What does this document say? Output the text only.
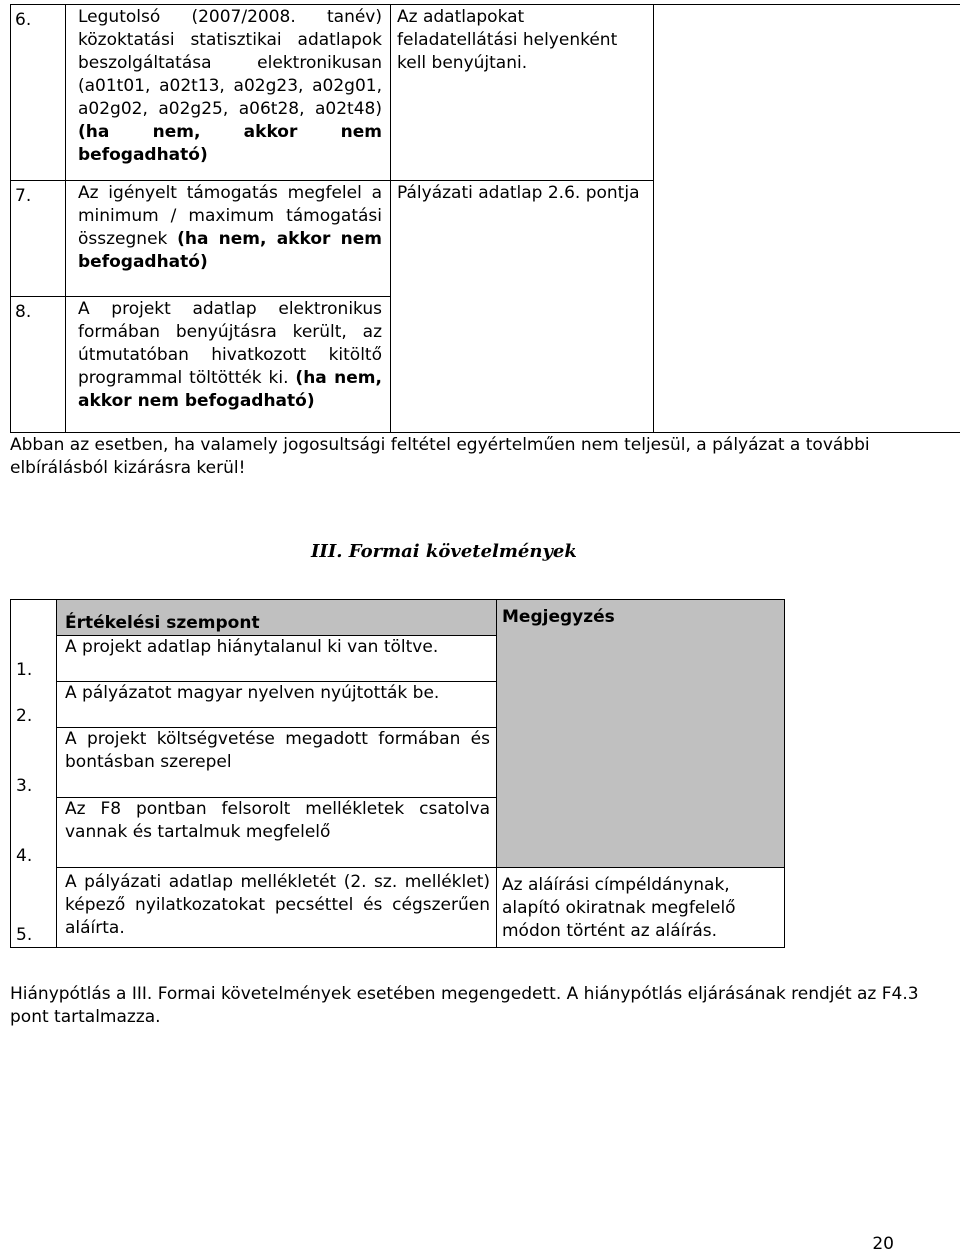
6.	Legutolsó (2007/2008. tanév) közoktatási statisztikai adatlapok beszolgáltatása elektronikusan (a01t01, a02t13, a02g23, a02g01, a02g02, a02g25, a06t28, a02t48) (ha nem, akkor nem befogadható)	Az adatlapokat feladatellátási helyenként kell benyújtani.	
7.	Az igényelt támogatás megfelel a minimum / maximum támogatási összegnek (ha nem, akkor nem befogadható)	Pályázati adatlap 2.6. pontja	
8.	A projekt adatlap elektronikus formában benyújtásra került, az útmutatóban hivatkozott kitöltő programmal töltötték ki. (ha nem, akkor nem befogadható)		
Abban az esetben, ha valamely jogosultsági feltétel egyértelműen nem teljesül, a pályázat a további elbírálásból kizárásra kerül!
III. Formai követelmények
	Értékelési szempont	Megjegyzés
1.	A projekt adatlap hiánytalanul ki van töltve.	
2.	A pályázatot magyar nyelven nyújtották be.	
3.	A projekt költségvetése megadott formában és bontásban szerepel	
4.	Az F8 pontban felsorolt mellékletek csatolva vannak és tartalmuk megfelelő	
5.	A pályázati adatlap mellékletét (2. sz. melléklet) képező nyilatkozatokat pecséttel és cégszerűen aláírta.	Az aláírási címpéldánynak, alapító okiratnak megfelelő módon történt az aláírás.
Hiánypótlás a III. Formai követelmények esetében megengedett. A hiánypótlás eljárásának rendjét az F4.3 pont tartalmazza.
20
